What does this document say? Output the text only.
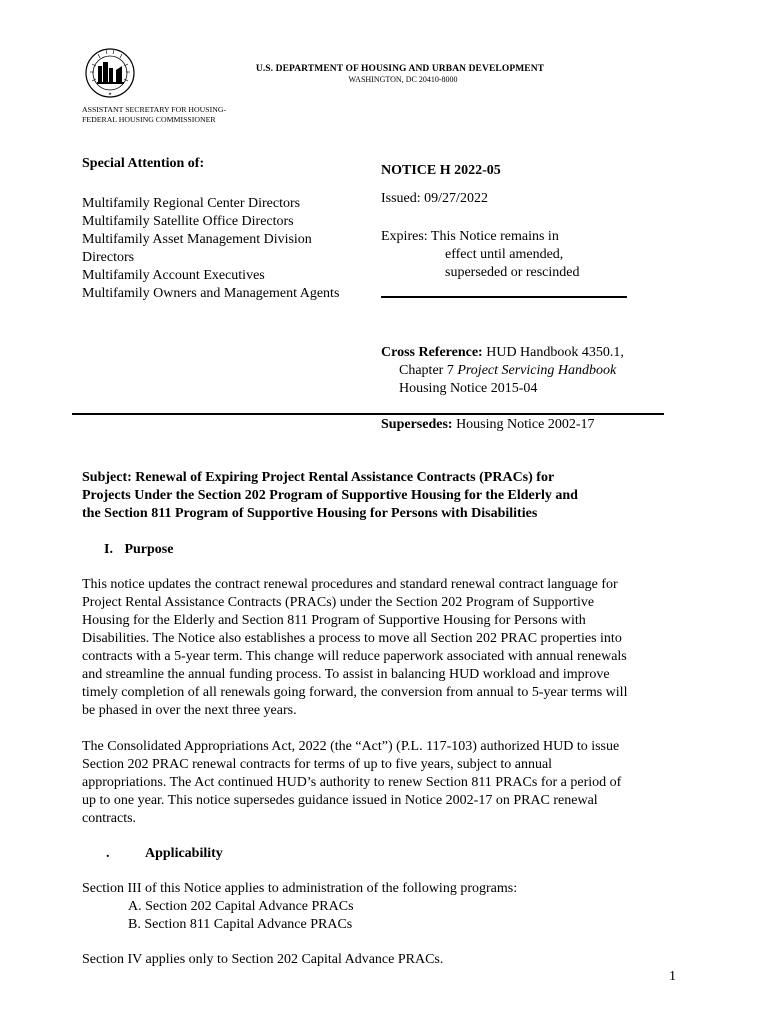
★
U.S. DEPARTMENT OF HOUSING AND URBAN DEVELOPMENT
WASHINGTON, DC 20410-8000
ASSISTANT SECRETARY FOR HOUSING-
FEDERAL HOUSING COMMISSIONER
Special Attention of:
Multifamily Regional Center Directors
Multifamily Satellite Office Directors
Multifamily Asset Management Division
Directors
Multifamily Account Executives
Multifamily Owners and Management Agents
NOTICE H 2022-05
Issued: 09/27/2022
Expires: This Notice remains in
effect until amended,
superseded or rescinded
Cross Reference: HUD Handbook 4350.1,
Chapter 7 Project Servicing Handbook
Housing Notice 2015-04
Supersedes: Housing Notice 2002-17
Subject: Renewal of Expiring Project Rental Assistance Contracts (PRACs) for
Projects Under the Section 202 Program of Supportive Housing for the Elderly and
the Section 811 Program of Supportive Housing for Persons with Disabilities
I. Purpose
This notice updates the contract renewal procedures and standard renewal contract language for
Project Rental Assistance Contracts (PRACs) under the Section 202 Program of Supportive
Housing for the Elderly and Section 811 Program of Supportive Housing for Persons with
Disabilities. The Notice also establishes a process to move all Section 202 PRAC properties into
contracts with a 5-year term. This change will reduce paperwork associated with annual renewals
and streamline the annual funding process. To assist in balancing HUD workload and improve
timely completion of all renewals going forward, the conversion from annual to 5-year terms will
be phased in over the next three years.
The Consolidated Appropriations Act, 2022 (the “Act”) (P.L. 117-103) authorized HUD to issue
Section 202 PRAC renewal contracts for terms of up to five years, subject to annual
appropriations. The Act continued HUD’s authority to renew Section 811 PRACs for a period of
up to one year. This notice supersedes guidance issued in Notice 2002-17 on PRAC renewal
contracts.
.	Applicability
Section III of this Notice applies to administration of the following programs:
A. Section 202 Capital Advance PRACs
B. Section 811 Capital Advance PRACs
Section IV applies only to Section 202 Capital Advance PRACs.
1
